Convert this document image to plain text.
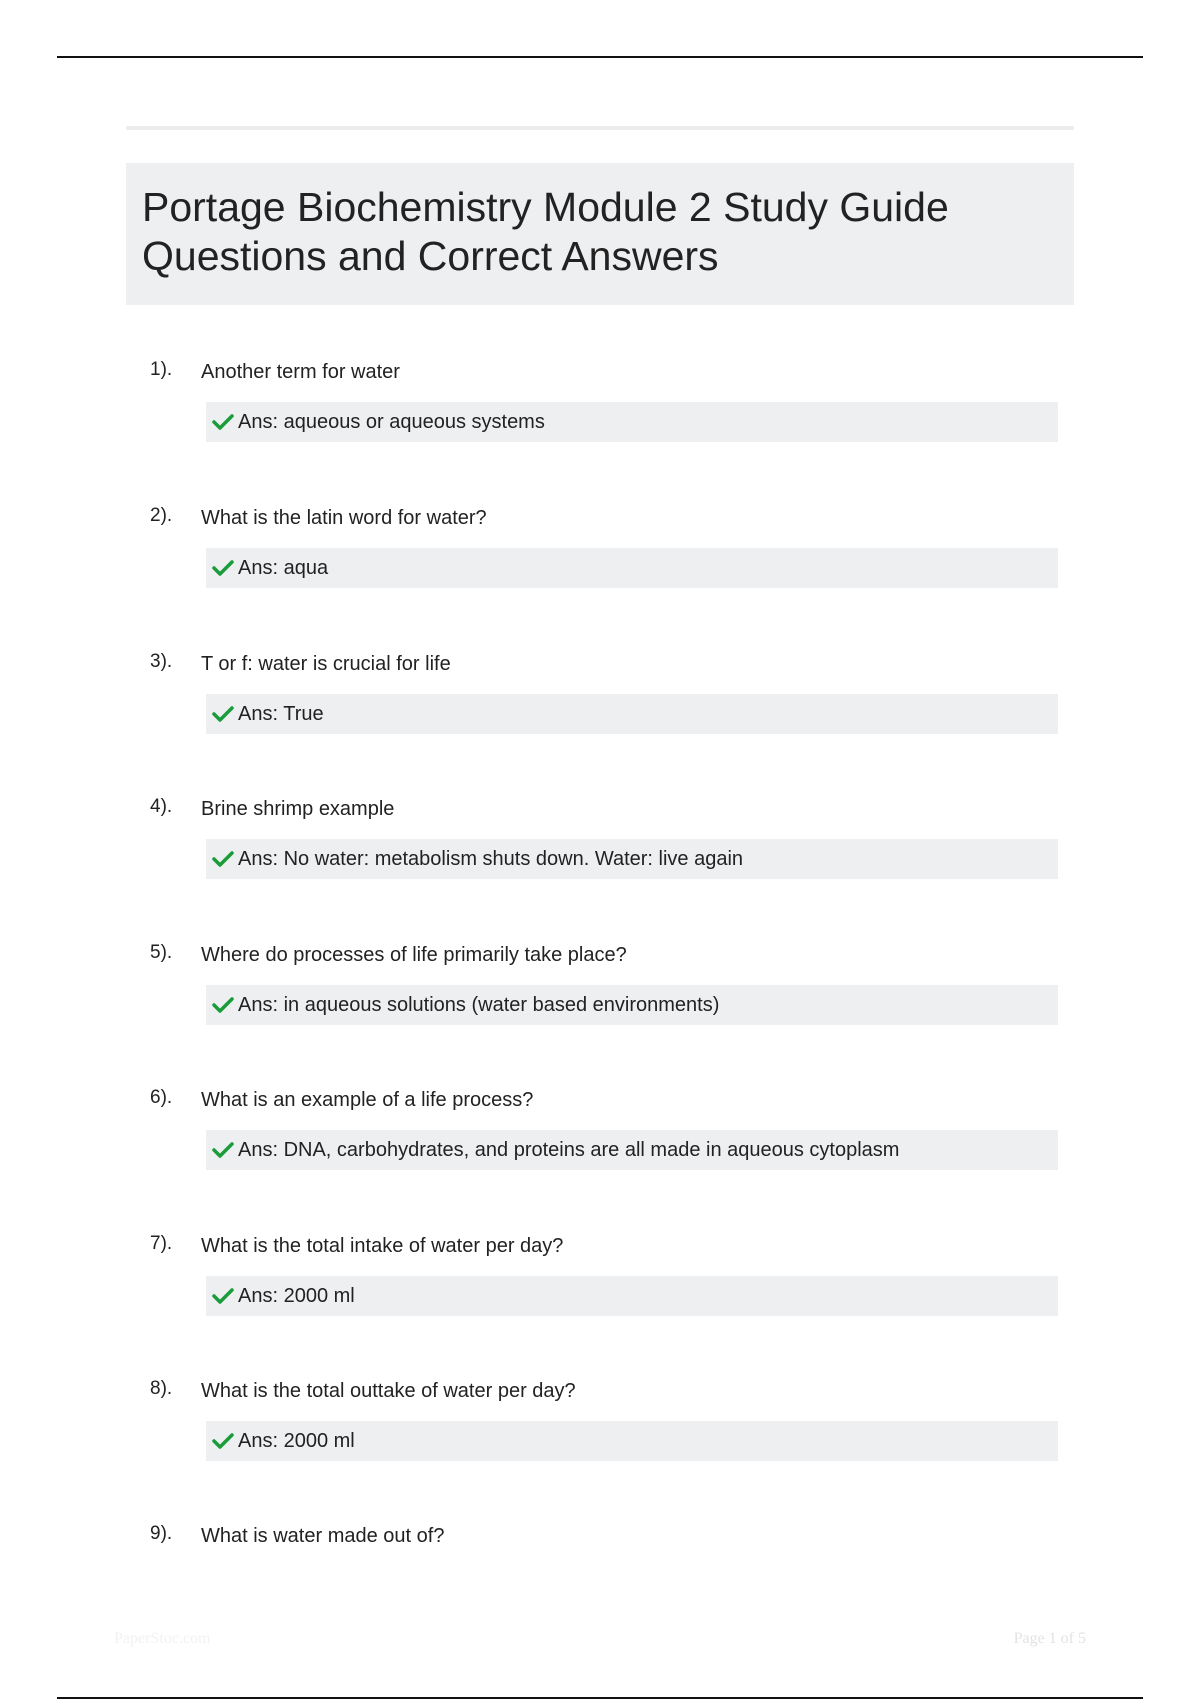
Portage Biochemistry Module 2 Study Guide
Questions and Correct Answers
1). Another term for water
Ans: aqueous or aqueous systems
2). What is the latin word for water?
Ans: aqua
3). T or f: water is crucial for life
Ans: True
4). Brine shrimp example
Ans: No water: metabolism shuts down. Water: live again
5). Where do processes of life primarily take place?
Ans: in aqueous solutions (water based environments)
6). What is an example of a life process?
Ans: DNA, carbohydrates, and proteins are all made in aqueous cytoplasm
7). What is the total intake of water per day?
Ans: 2000 ml
8). What is the total outtake of water per day?
Ans: 2000 ml
9). What is water made out of?
PaperStoc.com	Page 1 of 5
